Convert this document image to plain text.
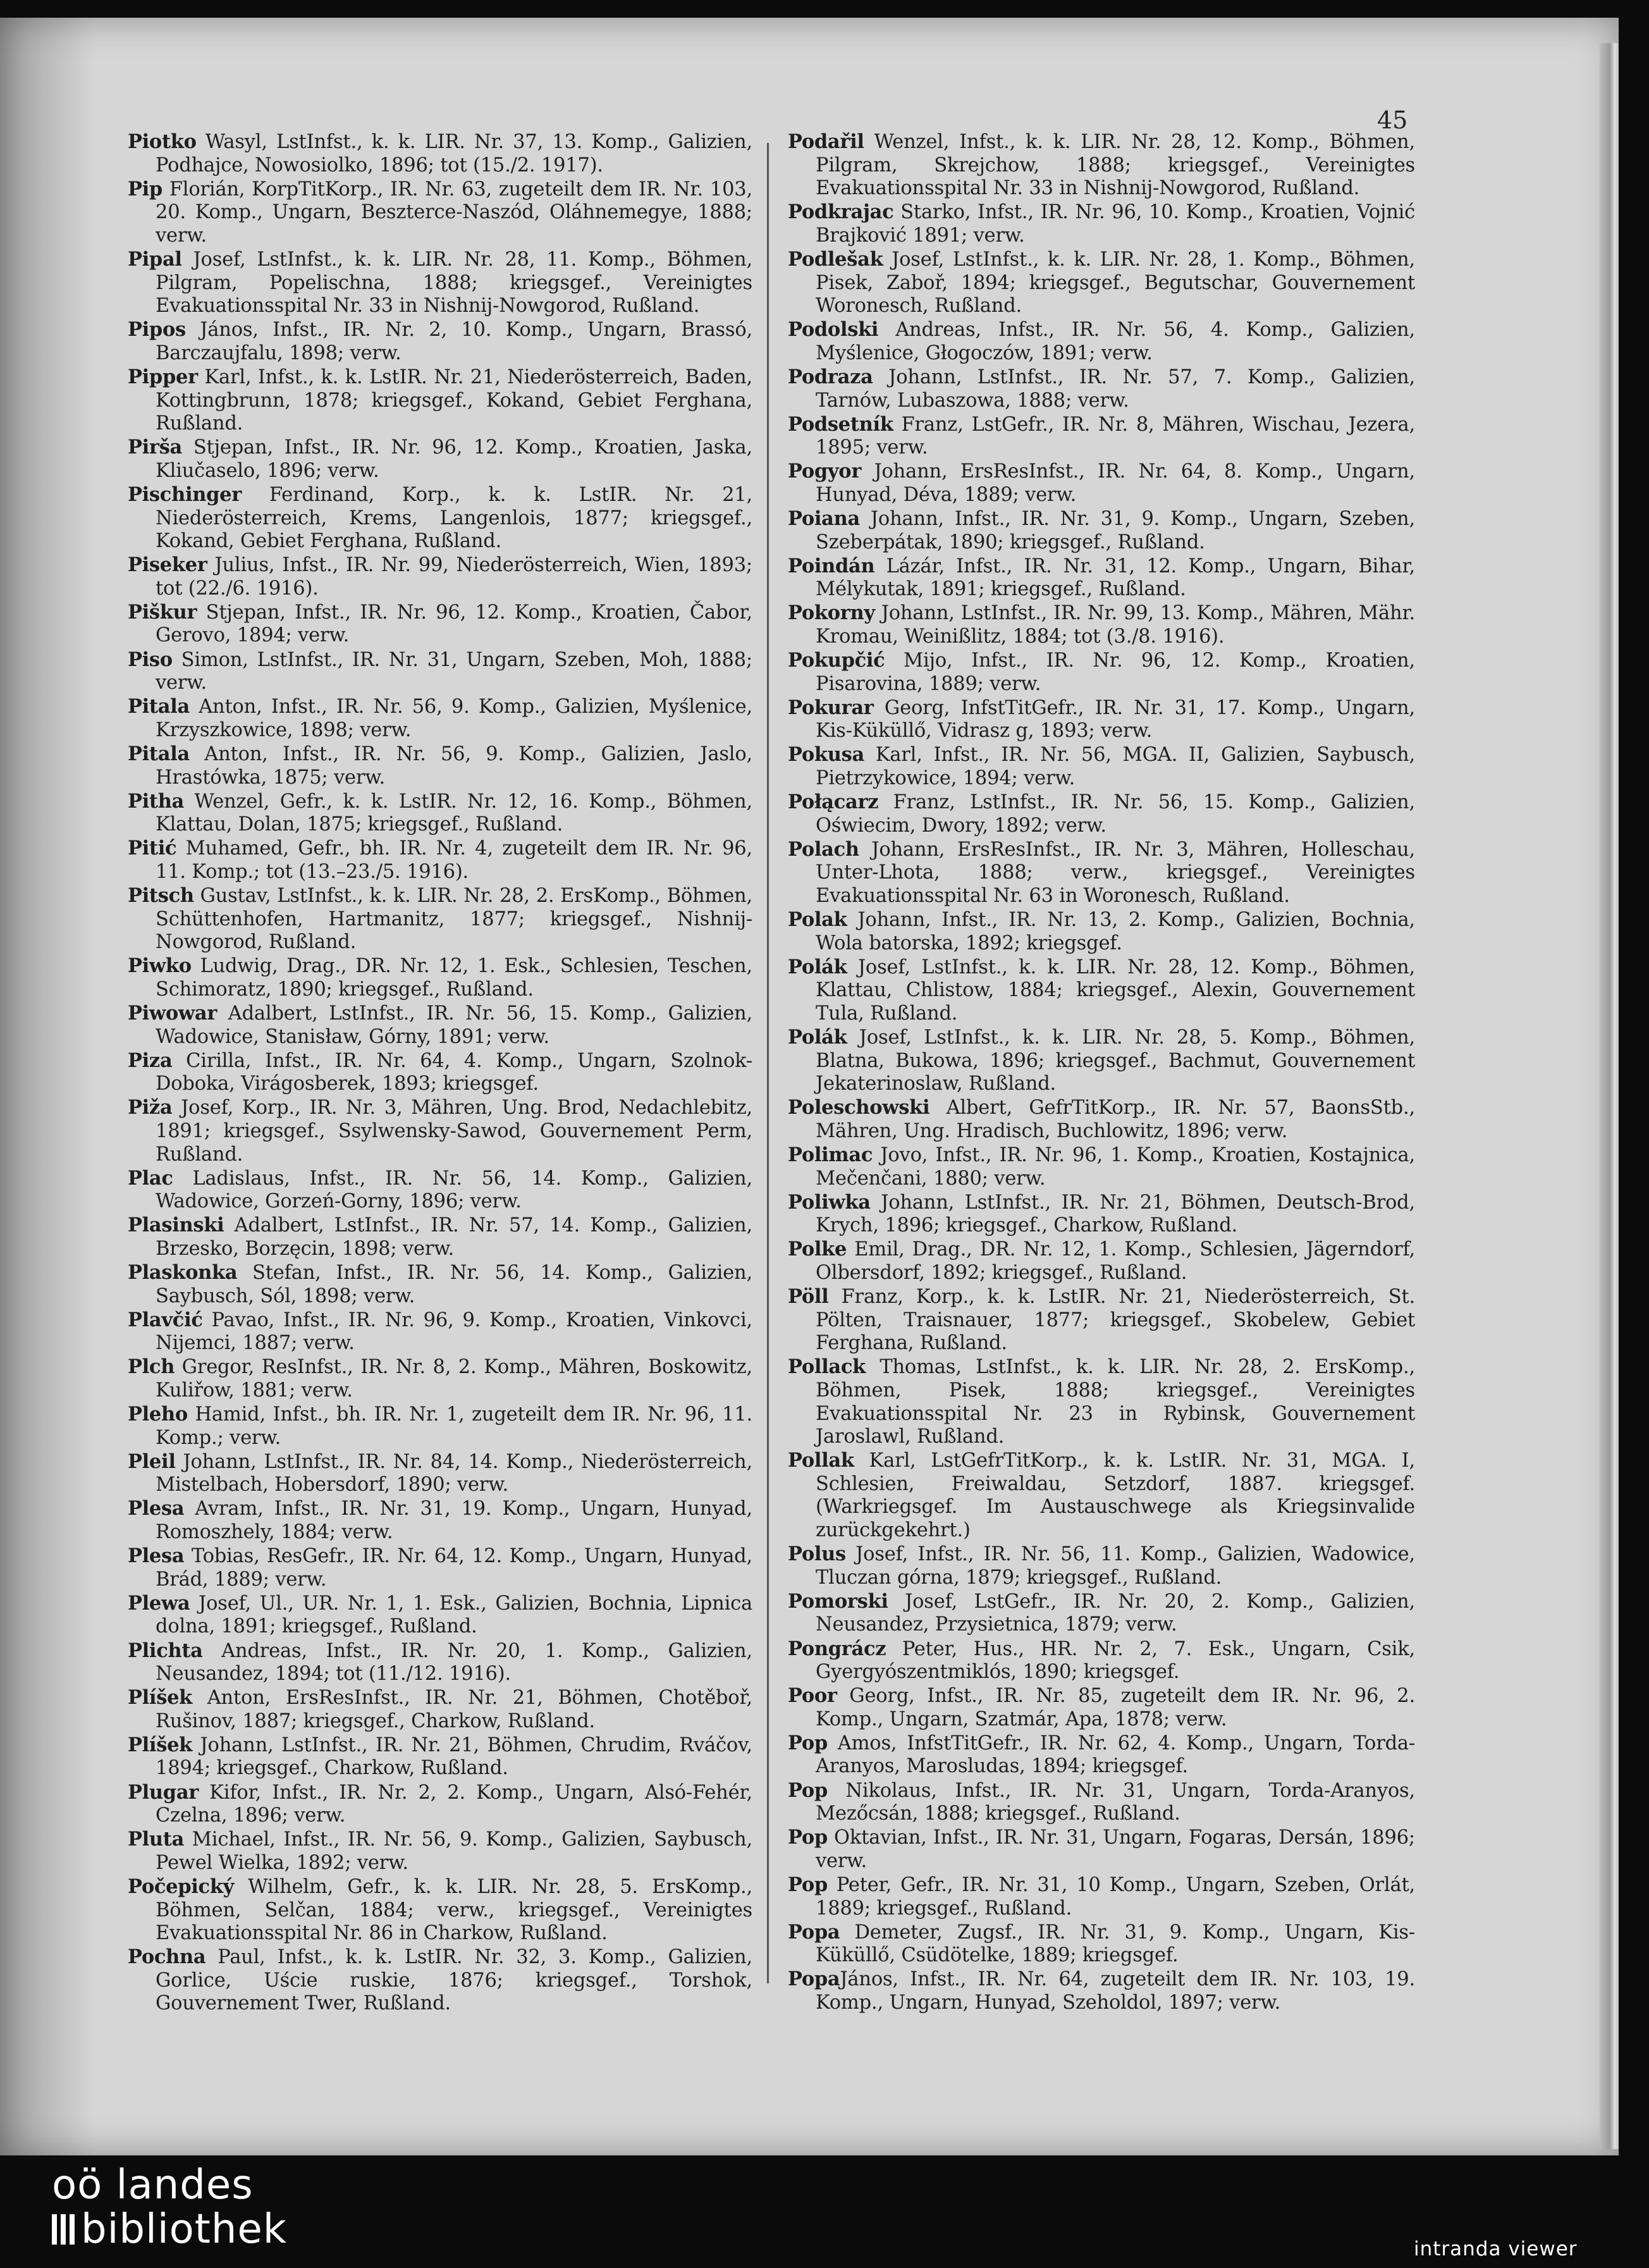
45
Piotko Wasyl, LstInfst., k. k. LIR. Nr. 37, 13. Komp., Galizien, Podhajce, Nowosiolko, 1896; tot (15./2. 1917).
Pip Florián, KorpTitKorp., IR. Nr. 63, zugeteilt dem IR. Nr. 103, 20. Komp., Ungarn, Beszterce-Naszód, Oláhnemegye, 1888; verw.
Pipal Josef, LstInfst., k. k. LIR. Nr. 28, 11. Komp., Böhmen, Pilgram, Popelischna, 1888; kriegsgef., Vereinigtes Evakuationsspital Nr. 33 in Nishnij-Nowgorod, Rußland.
Pipos János, Infst., IR. Nr. 2, 10. Komp., Ungarn, Brassó, Barczaujfalu, 1898; verw.
Pipper Karl, Infst., k. k. LstIR. Nr. 21, Niederösterreich, Baden, Kottingbrunn, 1878; kriegsgef., Kokand, Gebiet Ferghana, Rußland.
Pirša Stjepan, Infst., IR. Nr. 96, 12. Komp., Kroatien, Jaska, Kliučaselo, 1896; verw.
Pischinger Ferdinand, Korp., k. k. LstIR. Nr. 21, Niederösterreich, Krems, Langenlois, 1877; kriegsgef., Kokand, Gebiet Ferghana, Rußland.
Piseker Julius, Infst., IR. Nr. 99, Niederösterreich, Wien, 1893; tot (22./6. 1916).
Piškur Stjepan, Infst., IR. Nr. 96, 12. Komp., Kroatien, Čabor, Gerovo, 1894; verw.
Piso Simon, LstInfst., IR. Nr. 31, Ungarn, Szeben, Moh, 1888; verw.
Pitala Anton, Infst., IR. Nr. 56, 9. Komp., Galizien, Myślenice, Krzyszkowice, 1898; verw.
Pitala Anton, Infst., IR. Nr. 56, 9. Komp., Galizien, Jaslo, Hrastówka, 1875; verw.
Pitha Wenzel, Gefr., k. k. LstIR. Nr. 12, 16. Komp., Böhmen, Klattau, Dolan, 1875; kriegsgef., Rußland.
Pitić Muhamed, Gefr., bh. IR. Nr. 4, zugeteilt dem IR. Nr. 96, 11. Komp.; tot (13.–23./5. 1916).
Pitsch Gustav, LstInfst., k. k. LIR. Nr. 28, 2. ErsKomp., Böhmen, Schüttenhofen, Hartmanitz, 1877; kriegsgef., Nishnij-Nowgorod, Rußland.
Piwko Ludwig, Drag., DR. Nr. 12, 1. Esk., Schlesien, Teschen, Schimoratz, 1890; kriegsgef., Rußland.
Piwowar Adalbert, LstInfst., IR. Nr. 56, 15. Komp., Galizien, Wadowice, Stanisław, Górny, 1891; verw.
Piza Cirilla, Infst., IR. Nr. 64, 4. Komp., Ungarn, Szolnok-Doboka, Virágosberek, 1893; kriegsgef.
Piža Josef, Korp., IR. Nr. 3, Mähren, Ung. Brod, Nedachlebitz, 1891; kriegsgef., Ssylwensky-Sawod, Gouvernement Perm, Rußland.
Plac Ladislaus, Infst., IR. Nr. 56, 14. Komp., Galizien, Wadowice, Gorzeń-Gorny, 1896; verw.
Plasinski Adalbert, LstInfst., IR. Nr. 57, 14. Komp., Galizien, Brzesko, Borzęcin, 1898; verw.
Plaskonka Stefan, Infst., IR. Nr. 56, 14. Komp., Galizien, Saybusch, Sól, 1898; verw.
Plavčić Pavao, Infst., IR. Nr. 96, 9. Komp., Kroatien, Vinkovci, Nijemci, 1887; verw.
Plch Gregor, ResInfst., IR. Nr. 8, 2. Komp., Mähren, Boskowitz, Kuliřow, 1881; verw.
Pleho Hamid, Infst., bh. IR. Nr. 1, zugeteilt dem IR. Nr. 96, 11. Komp.; verw.
Pleil Johann, LstInfst., IR. Nr. 84, 14. Komp., Niederösterreich, Mistelbach, Hobersdorf, 1890; verw.
Plesa Avram, Infst., IR. Nr. 31, 19. Komp., Ungarn, Hunyad, Romoszhely, 1884; verw.
Plesa Tobias, ResGefr., IR. Nr. 64, 12. Komp., Ungarn, Hunyad, Brád, 1889; verw.
Plewa Josef, Ul., UR. Nr. 1, 1. Esk., Galizien, Bochnia, Lipnica dolna, 1891; kriegsgef., Rußland.
Plichta Andreas, Infst., IR. Nr. 20, 1. Komp., Galizien, Neusandez, 1894; tot (11./12. 1916).
Plíšek Anton, ErsResInfst., IR. Nr. 21, Böhmen, Chotěboř, Rušinov, 1887; kriegsgef., Charkow, Rußland.
Plíšek Johann, LstInfst., IR. Nr. 21, Böhmen, Chrudim, Rváčov, 1894; kriegsgef., Charkow, Rußland.
Plugar Kifor, Infst., IR. Nr. 2, 2. Komp., Ungarn, Alsó-Fehér, Czelna, 1896; verw.
Pluta Michael, Infst., IR. Nr. 56, 9. Komp., Galizien, Saybusch, Pewel Wielka, 1892; verw.
Počepický Wilhelm, Gefr., k. k. LIR. Nr. 28, 5. ErsKomp., Böhmen, Selčan, 1884; verw., kriegsgef., Vereinigtes Evakuationsspital Nr. 86 in Charkow, Rußland.
Pochna Paul, Infst., k. k. LstIR. Nr. 32, 3. Komp., Galizien, Gorlice, Uście ruskie, 1876; kriegsgef., Torshok, Gouvernement Twer, Rußland.
Podařil Wenzel, Infst., k. k. LIR. Nr. 28, 12. Komp., Böhmen, Pilgram, Skrejchow, 1888; kriegsgef., Vereinigtes Evakuationsspital Nr. 33 in Nishnij-Nowgorod, Rußland.
Podkrajac Starko, Infst., IR. Nr. 96, 10. Komp., Kroatien, Vojnić Brajković 1891; verw.
Podlešak Josef, LstInfst., k. k. LIR. Nr. 28, 1. Komp., Böhmen, Pisek, Zaboř, 1894; kriegsgef., Begutschar, Gouvernement Woronesch, Rußland.
Podolski Andreas, Infst., IR. Nr. 56, 4. Komp., Galizien, Myślenice, Głogoczów, 1891; verw.
Podraza Johann, LstInfst., IR. Nr. 57, 7. Komp., Galizien, Tarnów, Lubaszowa, 1888; verw.
Podsetník Franz, LstGefr., IR. Nr. 8, Mähren, Wischau, Jezera, 1895; verw.
Pogyor Johann, ErsResInfst., IR. Nr. 64, 8. Komp., Ungarn, Hunyad, Déva, 1889; verw.
Poiana Johann, Infst., IR. Nr. 31, 9. Komp., Ungarn, Szeben, Szeberpátak, 1890; kriegsgef., Rußland.
Poindán Lázár, Infst., IR. Nr. 31, 12. Komp., Ungarn, Bihar, Mélykutak, 1891; kriegsgef., Rußland.
Pokorny Johann, LstInfst., IR. Nr. 99, 13. Komp., Mähren, Mähr. Kromau, Weinißlitz, 1884; tot (3./8. 1916).
Pokupčić Mijo, Infst., IR. Nr. 96, 12. Komp., Kroatien, Pisarovina, 1889; verw.
Pokurar Georg, InfstTitGefr., IR. Nr. 31, 17. Komp., Ungarn, Kis-Küküllő, Vidrasz g, 1893; verw.
Pokusa Karl, Infst., IR. Nr. 56, MGA. II, Galizien, Saybusch, Pietrzykowice, 1894; verw.
Połącarz Franz, LstInfst., IR. Nr. 56, 15. Komp., Galizien, Oświecim, Dwory, 1892; verw.
Polach Johann, ErsResInfst., IR. Nr. 3, Mähren, Holleschau, Unter-Lhota, 1888; verw., kriegsgef., Vereinigtes Evakuationsspital Nr. 63 in Woronesch, Rußland.
Polak Johann, Infst., IR. Nr. 13, 2. Komp., Galizien, Bochnia, Wola batorska, 1892; kriegsgef.
Polák Josef, LstInfst., k. k. LIR. Nr. 28, 12. Komp., Böhmen, Klattau, Chlistow, 1884; kriegsgef., Alexin, Gouvernement Tula, Rußland.
Polák Josef, LstInfst., k. k. LIR. Nr. 28, 5. Komp., Böhmen, Blatna, Bukowa, 1896; kriegsgef., Bachmut, Gouvernement Jekaterinoslaw, Rußland.
Poleschowski Albert, GefrTitKorp., IR. Nr. 57, BaonsStb., Mähren, Ung. Hradisch, Buchlowitz, 1896; verw.
Polimac Jovo, Infst., IR. Nr. 96, 1. Komp., Kroatien, Kostajnica, Mečenčani, 1880; verw.
Poliwka Johann, LstInfst., IR. Nr. 21, Böhmen, Deutsch-Brod, Krych, 1896; kriegsgef., Charkow, Rußland.
Polke Emil, Drag., DR. Nr. 12, 1. Komp., Schlesien, Jägerndorf, Olbersdorf, 1892; kriegsgef., Rußland.
Pöll Franz, Korp., k. k. LstIR. Nr. 21, Niederösterreich, St. Pölten, Traisnauer, 1877; kriegsgef., Skobelew, Gebiet Ferghana, Rußland.
Pollack Thomas, LstInfst., k. k. LIR. Nr. 28, 2. ErsKomp., Böhmen, Pisek, 1888; kriegsgef., Vereinigtes Evakuationsspital Nr. 23 in Rybinsk, Gouvernement Jaroslawl, Rußland.
Pollak Karl, LstGefrTitKorp., k. k. LstIR. Nr. 31, MGA. I, Schlesien, Freiwaldau, Setzdorf, 1887. kriegsgef. (Warkriegsgef. Im Austauschwege als Kriegsinvalide zurückgekehrt.)
Polus Josef, Infst., IR. Nr. 56, 11. Komp., Galizien, Wadowice, Tluczan górna, 1879; kriegsgef., Rußland.
Pomorski Josef, LstGefr., IR. Nr. 20, 2. Komp., Galizien, Neusandez, Przysietnica, 1879; verw.
Pongrácz Peter, Hus., HR. Nr. 2, 7. Esk., Ungarn, Csik, Gyergyószentmiklós, 1890; kriegsgef.
Poor Georg, Infst., IR. Nr. 85, zugeteilt dem IR. Nr. 96, 2. Komp., Ungarn, Szatmár, Apa, 1878; verw.
Pop Amos, InfstTitGefr., IR. Nr. 62, 4. Komp., Ungarn, Torda-Aranyos, Marosludas, 1894; kriegsgef.
Pop Nikolaus, Infst., IR. Nr. 31, Ungarn, Torda-Aranyos, Mezőcsán, 1888; kriegsgef., Rußland.
Pop Oktavian, Infst., IR. Nr. 31, Ungarn, Fogaras, Dersán, 1896; verw.
Pop Peter, Gefr., IR. Nr. 31, 10 Komp., Ungarn, Szeben, Orlát, 1889; kriegsgef., Rußland.
Popa Demeter, Zugsf., IR. Nr. 31, 9. Komp., Ungarn, Kis-Küküllő, Csüdötelke, 1889; kriegsgef.
PopaJános, Infst., IR. Nr. 64, zugeteilt dem IR. Nr. 103, 19. Komp., Ungarn, Hunyad, Szeholdol, 1897; verw.
oö landes
bibliothek	intranda viewer
